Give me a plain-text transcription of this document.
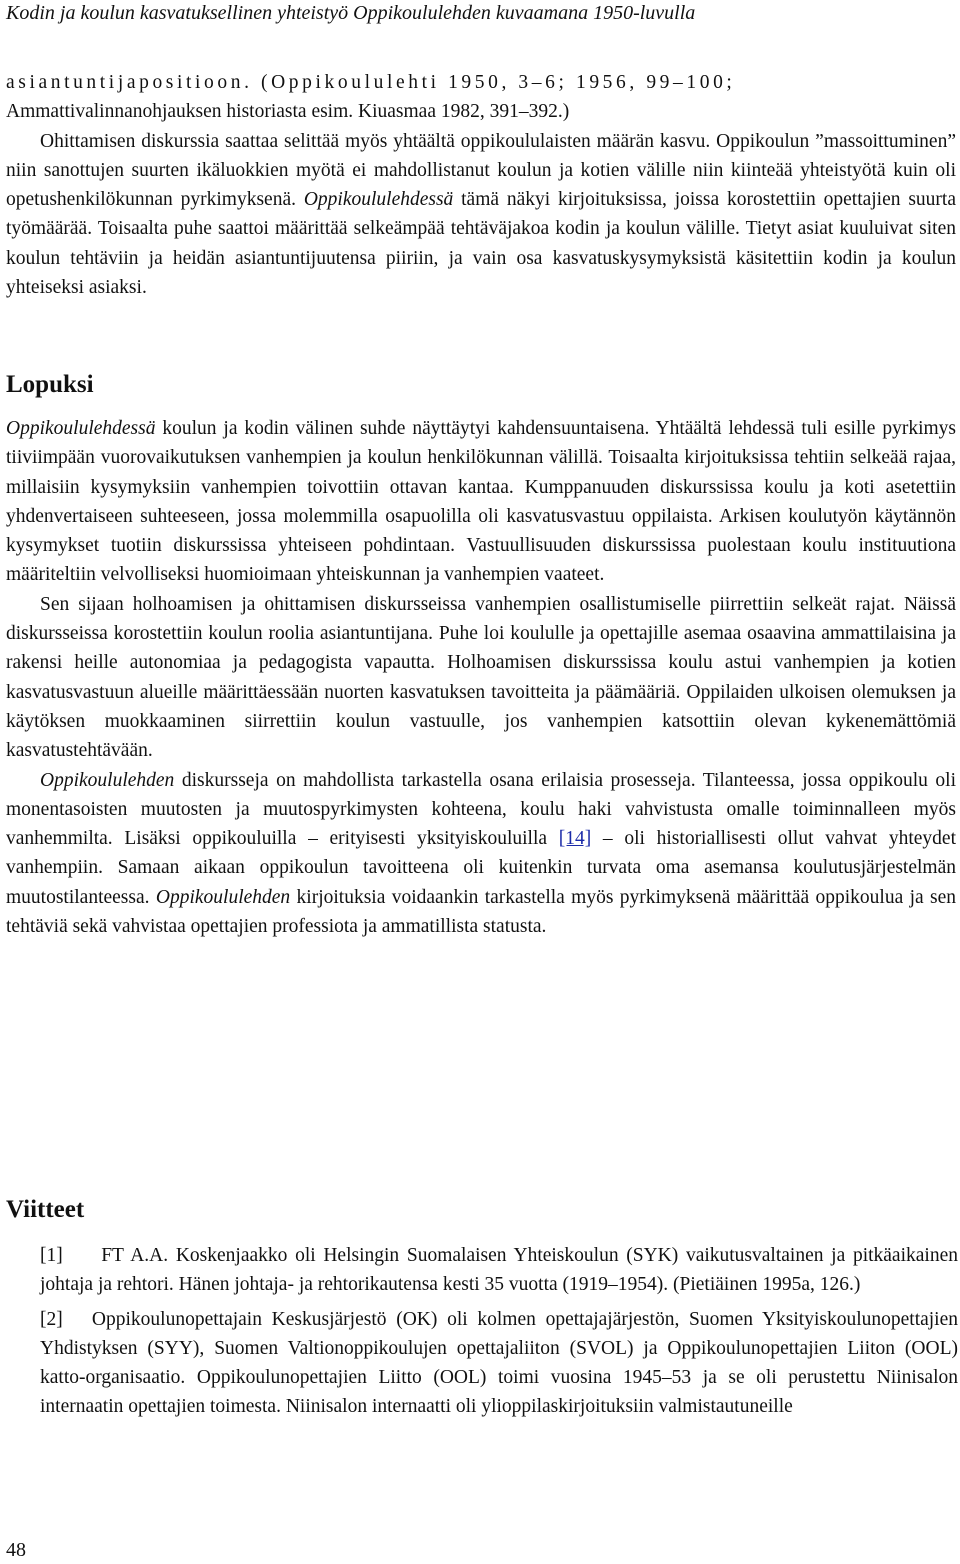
Kodin ja koulun kasvatuksellinen yhteistyö Oppikoululehden kuvaamana 1950-luvulla

asiantuntijapositioon. (Oppikoululehti 1950, 3–6; 1956, 99–100;

Ammattivalinnanohjauksen historiasta esim. Kiuasmaa 1982, 391–392.)

Ohittamisen diskurssia saattaa selittää myös yhtäältä oppikoululaisten määrän kasvu. Oppikoulun ”massoittuminen” niin sanottujen suurten ikäluokkien myötä ei mahdollistanut koulun ja kotien välille niin kiinteää yhteistyötä kuin oli opetushenkilökunnan pyrkimyksenä. Oppikoululehdessä tämä näkyi kirjoituksissa, joissa korostettiin opettajien suurta työmäärää. Toisaalta puhe saattoi määrittää selkeämpää tehtäväjakoa kodin ja koulun välille. Tietyt asiat kuuluivat siten koulun tehtäviin ja heidän asiantuntijuutensa piiriin, ja vain osa kasvatuskysymyksistä käsitettiin kodin ja koulun yhteiseksi asiaksi.

Lopuksi

Oppikoululehdessä koulun ja kodin välinen suhde näyttäytyi kahdensuuntaisena. Yhtäältä lehdessä tuli esille pyrkimys tiiviimpään vuorovaikutuksen vanhempien ja koulun henkilökunnan välillä. Toisaalta kirjoituksissa tehtiin selkeää rajaa, millaisiin kysymyksiin vanhempien toivottiin ottavan kantaa. Kumppanuuden diskurssissa koulu ja koti asetettiin yhdenvertaiseen suhteeseen, jossa molemmilla osapuolilla oli kasvatusvastuu oppilaista. Arkisen koulutyön käytännön kysymykset tuotiin diskurssissa yhteiseen pohdintaan. Vastuullisuuden diskurssissa puolestaan koulu instituutiona määriteltiin velvolliseksi huomioimaan yhteiskunnan ja vanhempien vaateet.

Sen sijaan holhoamisen ja ohittamisen diskursseissa vanhempien osallistumiselle piirrettiin selkeät rajat. Näissä diskursseissa korostettiin koulun roolia asiantuntijana. Puhe loi koululle ja opettajille asemaa osaavina ammattilaisina ja rakensi heille autonomiaa ja pedagogista vapautta. Holhoamisen diskurssissa koulu astui vanhempien ja kotien kasvatusvastuun alueille määrittäessään nuorten kasvatuksen tavoitteita ja päämääriä. Oppilaiden ulkoisen olemuksen ja käytöksen muokkaaminen siirrettiin koulun vastuulle, jos vanhempien katsottiin olevan kykenemättömiä kasvatustehtävään.

Oppikoululehden diskursseja on mahdollista tarkastella osana erilaisia prosesseja. Tilanteessa, jossa oppikoulu oli monentasoisten muutosten ja muutospyrkimysten kohteena, koulu haki vahvistusta omalle toiminnalleen myös vanhemmilta. Lisäksi oppikouluilla – erityisesti yksityiskouluilla [14] – oli historiallisesti ollut vahvat yhteydet vanhempiin. Samaan aikaan oppikoulun tavoitteena oli kuitenkin turvata oma asemansa koulutusjärjestelmän muutostilanteessa. Oppikoululehden kirjoituksia voidaankin tarkastella myös pyrkimyksenä määrittää oppikoulua ja sen tehtäviä sekä vahvistaa opettajien professiota ja ammatillista statusta.

Viitteet

[1] FT A.A. Koskenjaakko oli Helsingin Suomalaisen Yhteiskoulun (SYK) vaikutusvaltainen ja pitkäaikainen johtaja ja rehtori. Hänen johtaja- ja rehtorikautensa kesti 35 vuotta (1919–1954). (Pietiäinen 1995a, 126.)

[2] Oppikoulunopettajain Keskusjärjestö (OK) oli kolmen opettajajärjestön, Suomen Yksityiskoulunopettajien Yhdistyksen (SYY), Suomen Valtionoppikoulujen opettajaliiton (SVOL) ja Oppikoulunopettajien Liiton (OOL) katto-organisaatio. Oppikoulunopettajien Liitto (OOL) toimi vuosina 1945–53 ja se oli perustettu Niinisalon internaatin opettajien toimesta. Niinisalon internaatti oli ylioppilaskirjoituksiin valmistautuneille

48
